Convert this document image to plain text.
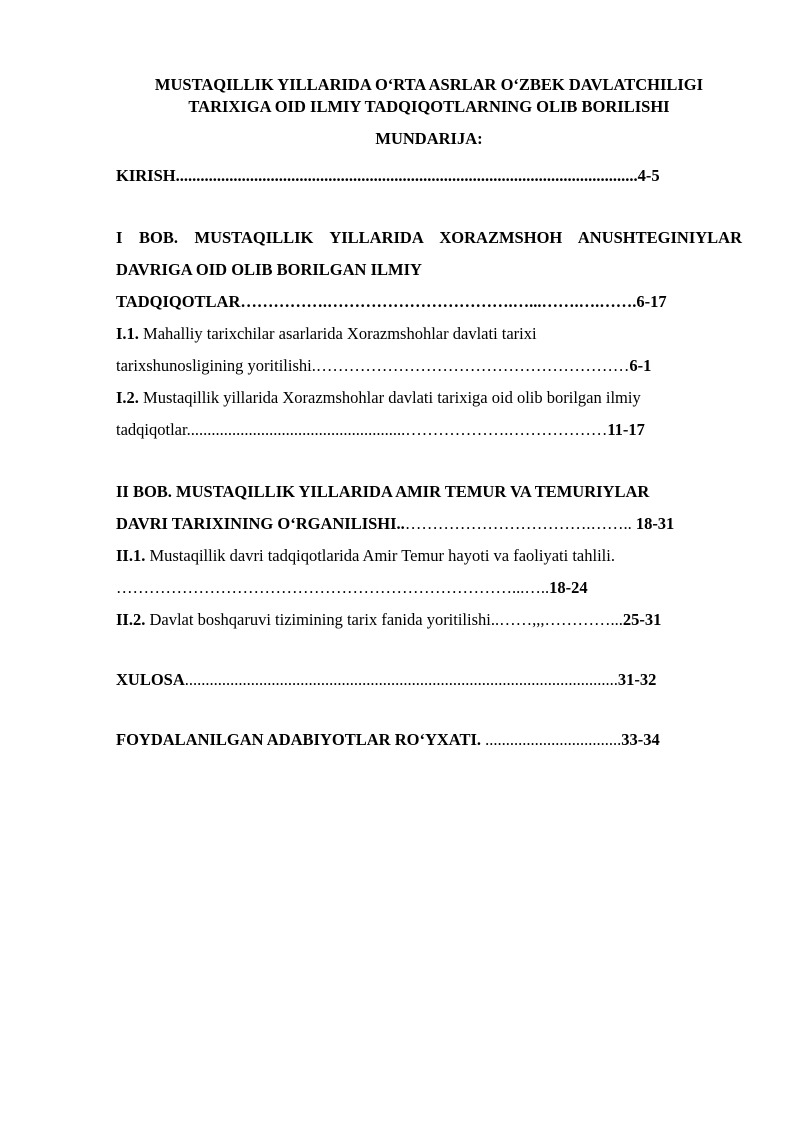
MUSTAQILLIK YILLARIDA O‘RTA ASRLAR O‘ZBEK DAVLATCHILIGI TARIXIGA OID ILMIY TADQIQOTLARNING OLIB BORILISHI
MUNDARIJA:
KIRISH................................................................................................................4-5
I BOB. MUSTAQILLIK YILLARIDA XORAZMSHOH ANUSHTEGINIYLAR DAVRIGA OID OLIB BORILGAN ILMIY
TADQIQOTLAR…………….…………………………….…...…….….…….6-17
I.1. Mahalliy tarixchilar asarlarida Xorazmshohlar davlati tarixi
tarixshunosligining yoritilishi.…………………………………………………6-1
I.2. Mustaqillik yillarida Xorazmshohlar davlati tarixiga oid olib borilgan ilmiy
tadqiqotlar.....................................................……………….………………11-17
II BOB. MUSTAQILLIK YILLARIDA AMIR TEMUR VA TEMURIYLAR
DAVRI TARIXINING O‘RGANILISHI..…………………………….…….. 18-31
II.1. Mustaqillik davri tadqiqotlarida Amir Temur hayoti va faoliyati tahlili.
………………………………………………………………...…..18-24
II.2. Davlat boshqaruvi tizimining tarix fanida yoritilishi..……,,,…………...25-31
XULOSA.........................................................................................................31-32
FOYDALANILGAN ADABIYOTLAR RO‘YXATI. .................................33-34
